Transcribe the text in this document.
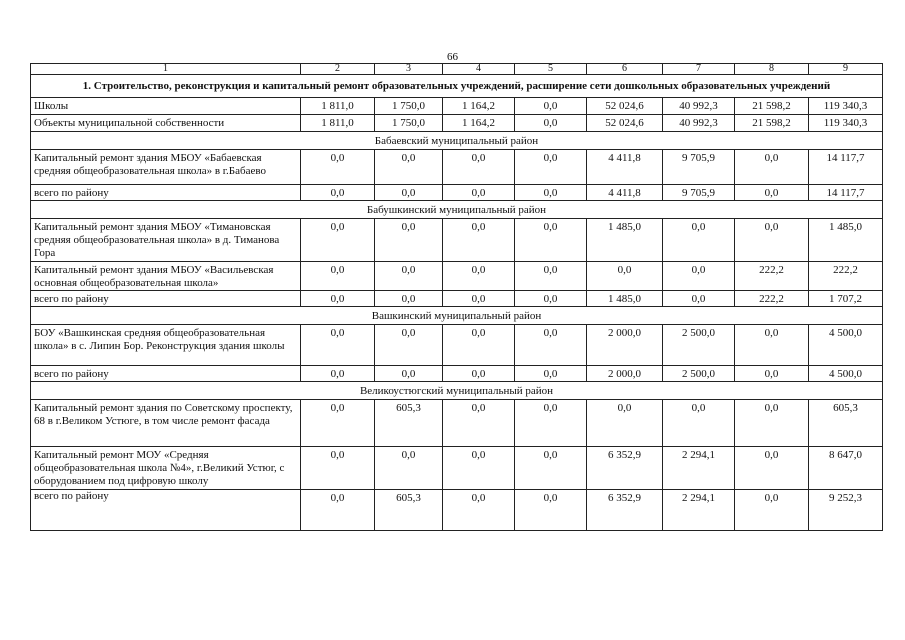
66
1	2	3	4	5	6	7	8	9
1. Строительство, реконструкция и капитальный ремонт образовательных учреждений, расширение сети дошкольных образовательных учреждений								
Школы	1 811,0	1 750,0	1 164,2	0,0	52 024,6	40 992,3	21 598,2	119 340,3
Объекты муниципальной собственности	1 811,0	1 750,0	1 164,2	0,0	52 024,6	40 992,3	21 598,2	119 340,3
Бабаевский муниципальный район								
Капитальный ремонт здания МБОУ «Бабаевская средняя общеобразовательная школа» в г.Бабаево	0,0	0,0	0,0	0,0	4 411,8	9 705,9	0,0	14 117,7
всего по району	0,0	0,0	0,0	0,0	4 411,8	9 705,9	0,0	14 117,7
Бабушкинский муниципальный район								
Капитальный ремонт здания МБОУ «Тимановская средняя общеобразовательная школа» в д. Тиманова Гора	0,0	0,0	0,0	0,0	1 485,0	0,0	0,0	1 485,0
Капитальный ремонт здания МБОУ «Васильевская основная общеобразовательная школа»	0,0	0,0	0,0	0,0	0,0	0,0	222,2	222,2
всего по району	0,0	0,0	0,0	0,0	1 485,0	0,0	222,2	1 707,2
Вашкинский муниципальный район								
БОУ «Вашкинская средняя общеобразовательная школа» в с. Липин Бор. Реконструкция здания школы	0,0	0,0	0,0	0,0	2 000,0	2 500,0	0,0	4 500,0
всего по району	0,0	0,0	0,0	0,0	2 000,0	2 500,0	0,0	4 500,0
Великоустюгский муниципальный район								
Капитальный ремонт здания по Советскому проспекту, 68 в г.Великом Устюге, в том числе ремонт фасада	0,0	605,3	0,0	0,0	0,0	0,0	0,0	605,3
Капитальный ремонт МОУ «Средняя общеобразовательная школа №4», г.Великий Устюг, с оборудованием под цифровую школу	0,0	0,0	0,0	0,0	6 352,9	2 294,1	0,0	8 647,0
всего по району	0,0	605,3	0,0	0,0	6 352,9	2 294,1	0,0	9 252,3
